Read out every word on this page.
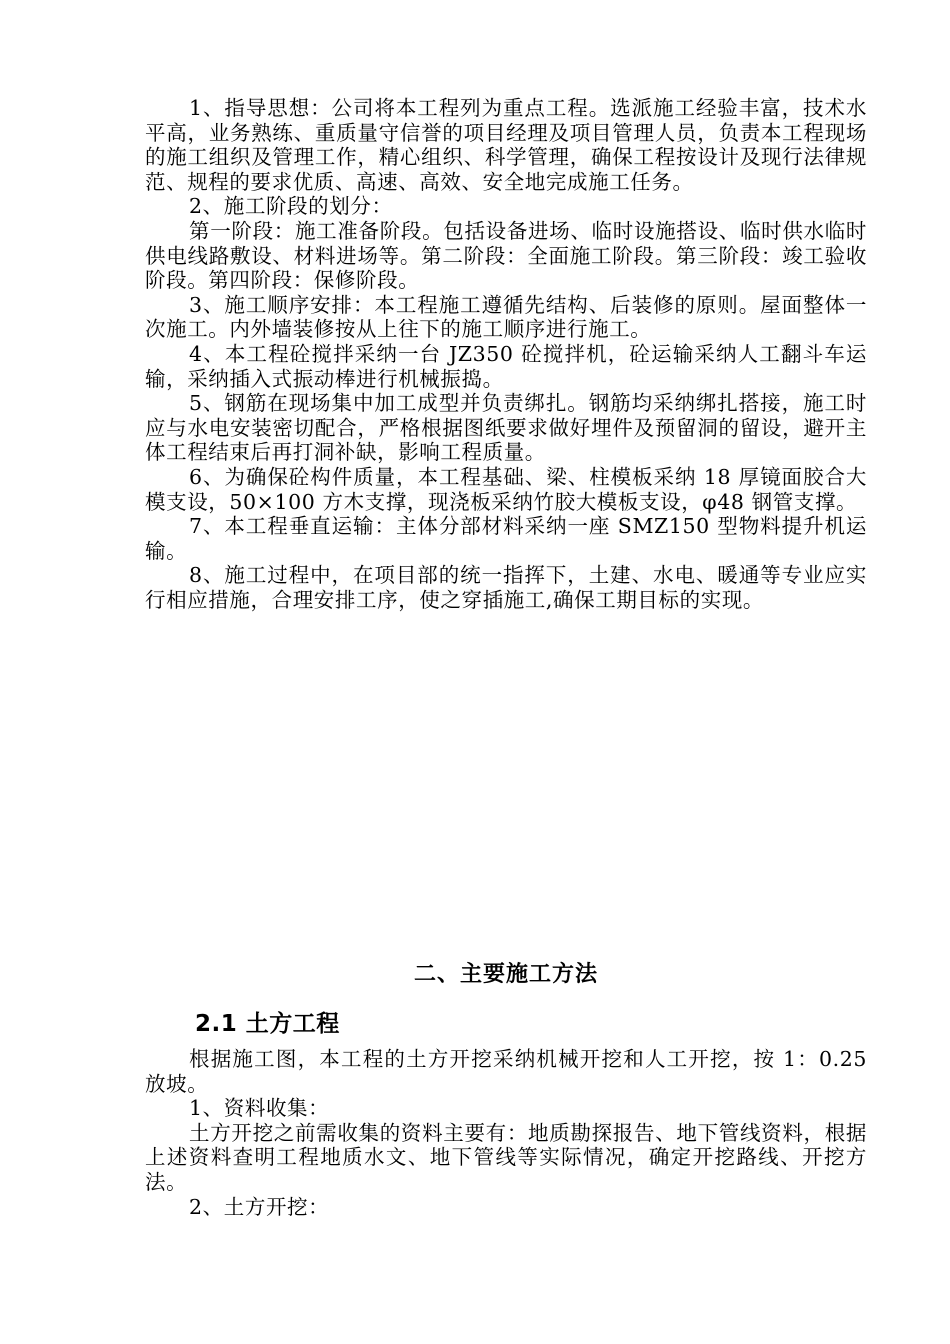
1、指导思想：公司将本工程列为重点工程。选派施工经验丰富，技术水平高，业务熟练、重质量守信誉的项目经理及项目管理人员，负责本工程现场的施工组织及管理工作，精心组织、科学管理，确保工程按设计及现行法律规范、规程的要求优质、高速、高效、安全地完成施工任务。

2、施工阶段的划分：

第一阶段：施工准备阶段。包括设备进场、临时设施搭设、临时供水临时供电线路敷设、材料进场等。第二阶段：全面施工阶段。第三阶段：竣工验收阶段。第四阶段：保修阶段。

3、施工顺序安排：本工程施工遵循先结构、后装修的原则。屋面整体一次施工。内外墙装修按从上往下的施工顺序进行施工。

4、本工程砼搅拌采纳一台 JZ350 砼搅拌机，砼运输采纳人工翻斗车运输，采纳插入式振动棒进行机械振捣。

5、钢筋在现场集中加工成型并负责绑扎。钢筋均采纳绑扎搭接，施工时应与水电安装密切配合，严格根据图纸要求做好埋件及预留洞的留设，避开主体工程结束后再打洞补缺，影响工程质量。

6、为确保砼构件质量，本工程基础、梁、柱模板采纳 18 厚镜面胶合大模支设，50×100 方木支撑，现浇板采纳竹胶大模板支设，φ48 钢管支撑。

7、本工程垂直运输：主体分部材料采纳一座 SMZ150 型物料提升机运输。

8、施工过程中，在项目部的统一指挥下，土建、水电、暖通等专业应实行相应措施，合理安排工序，使之穿插施工,确保工期目标的实现。

二、主要施工方法
2.1 土方工程

根据施工图，本工程的土方开挖采纳机械开挖和人工开挖，按 1：0.25 放坡。

1、资料收集：

土方开挖之前需收集的资料主要有：地质勘探报告、地下管线资料，根据上述资料查明工程地质水文、地下管线等实际情况，确定开挖路线、开挖方法。

2、土方开挖：
